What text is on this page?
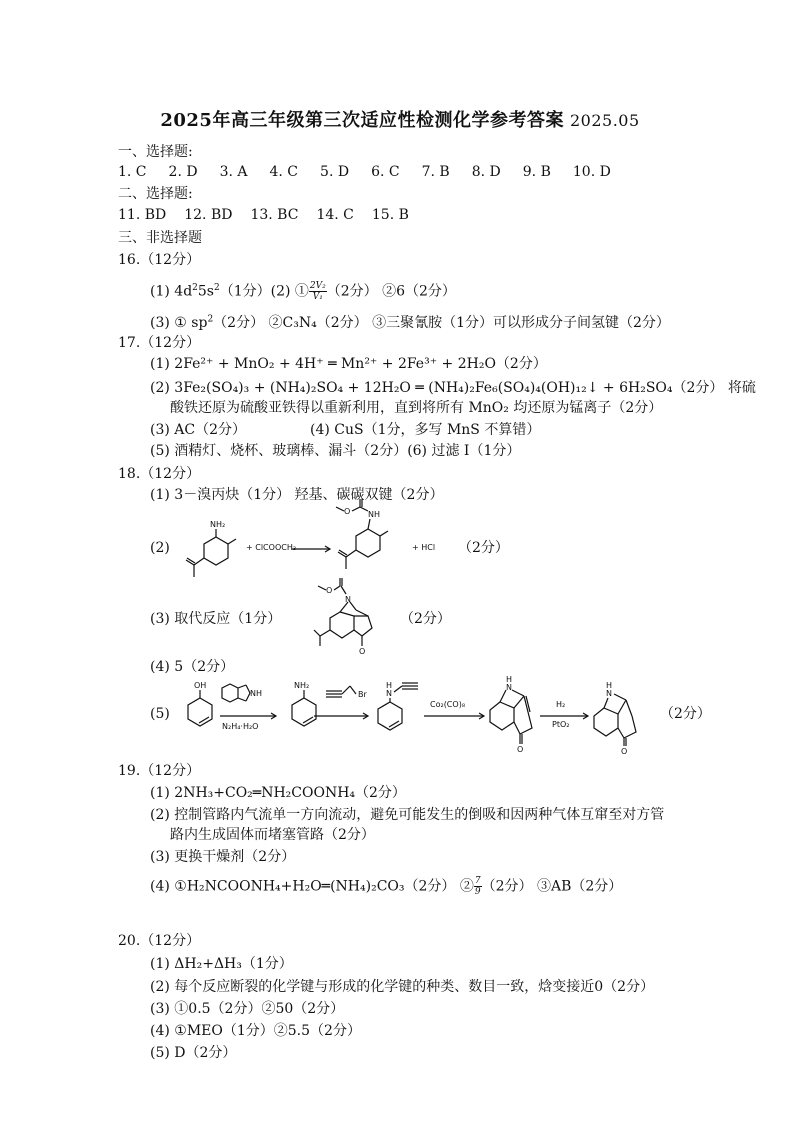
2025年高三年级第三次适应性检测化学参考答案 2025.05
一、选择题:
1. C 2. D 3. A 4. C 5. D 6. C 7. B 8. D 9. B 10. D
二、选择题:
11. BD 12. BD 13. BC 14. C 15. B
三、非选择题
16.（12分）
(1) $4d^25s^2(1$分）(2) ① $\frac{\text{2V₂}}{\text{V₁}} (2$分） ②6（2分）
(3) ① $sp^2(2$分） ②C₃N₄（2分） ③三聚氰胺（1分）可以形成分子间氢键（2分）
17.（12分）
(1) 2Fe²⁺ + MnO₂ + 4H⁺ ═ Mn²⁺ + 2Fe³⁺ + 2H₂O（2分）
(2) 3Fe₂(SO₄)₃ + (NH₄)₂SO₄ + 12H₂O ═ (NH₄)₂Fe₆(SO₄)₄(OH)₁₂↓ + 6H₂SO₄（2分） 将硫
酸铁还原为硫酸亚铁得以重新利用，直到将所有 MnO₂ 均还原为锰离子（2分）
(3) AC（2分）	(4) CuS（1分，多写 MnS 不算错）
(5) 酒精灯、烧杯、玻璃棒、漏斗（2分）(6) 过滤 I（1分）
18.（12分）
(1) 3－溴丙炔（1分） 羟基、碳碳双键（2分）
(2)
NH₂
+ ClCOOCH₃
O NH
+ HCl （2分）
(3) 取代反应（1分）
O
N
O
（2分）
(4) 5（2分）
(5)
OH
NH
N₂H₄·H₂O
NH₂
Br
H
N
Co₂(CO)₈
H
N
O
H₂
PtO₂
H
N
O
（2分）
19.（12分）
(1) 2NH₃+CO₂═NH₂COONH₄（2分）
(2) 控制管路内气流单一方向流动，避免可能发生的倒吸和因两种气体互窜至对方管
路内生成固体而堵塞管路（2分）
(3) 更换干燥剂（2分）
(4) ①H₂NCOONH₄+H₂O═(NH₄)₂CO₃（2分） ② $\frac{7}{9} (2$分） ③AB（2分）
20.（12分）
(1) ΔH₂+ΔH₃（1分）
(2) 每个反应断裂的化学键与形成的化学键的种类、数目一致，焓变接近0（2分）
(3) ①0.5（2分）②50（2分）
(4) ①MEO（1分）②5.5（2分）
(5) D（2分）
